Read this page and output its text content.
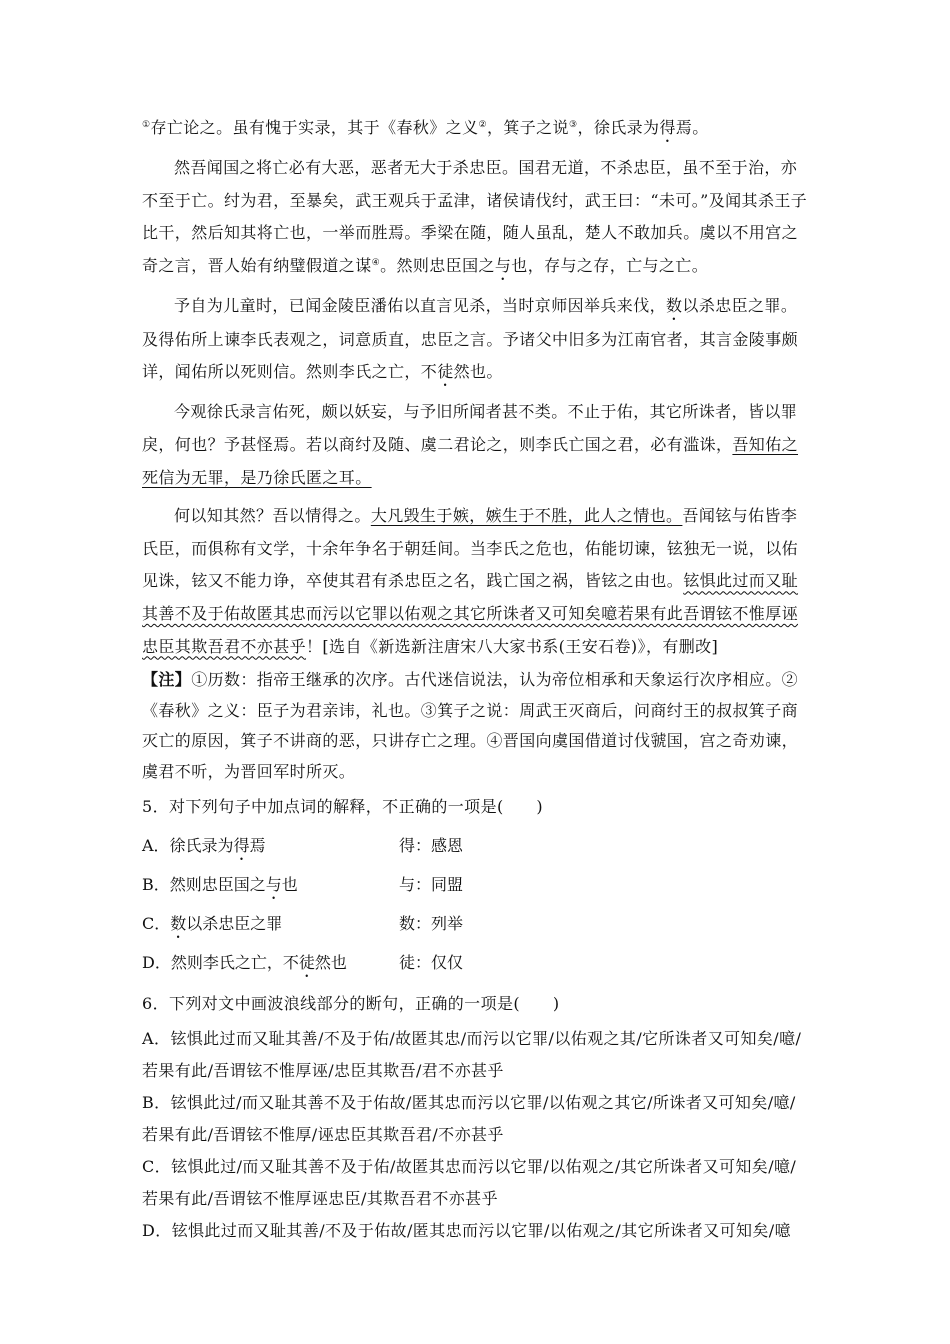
①存亡论之。虽有愧于实录，其于《春秋》之义②，箕子之说③，徐氏录为得焉。

然吾闻国之将亡必有大恶，恶者无大于杀忠臣。国君无道，不杀忠臣，虽不至于治，亦不至于亡。纣为君，至暴矣，武王观兵于孟津，诸侯请伐纣，武王曰：“未可。”及闻其杀王子比干，然后知其将亡也，一举而胜焉。季梁在随，随人虽乱，楚人不敢加兵。虞以不用宫之奇之言，晋人始有纳璧假道之谋④。然则忠臣国之与也，存与之存，亡与之亡。

予自为儿童时，已闻金陵臣潘佑以直言见杀，当时京师因举兵来伐，数以杀忠臣之罪。及得佑所上谏李氏表观之，词意质直，忠臣之言。予诸父中旧多为江南官者，其言金陵事颇详，闻佑所以死则信。然则李氏之亡，不徒然也。

今观徐氏录言佑死，颇以妖妄，与予旧所闻者甚不类。不止于佑，其它所诛者，皆以罪戾，何也？予甚怪焉。若以商纣及随、虞二君论之，则李氏亡国之君，必有滥诛，吾知佑之死信为无罪，是乃徐氏匿之耳。

何以知其然？吾以情得之。大凡毁生于嫉，嫉生于不胜，此人之情也。吾闻铉与佑皆李氏臣，而俱称有文学，十余年争名于朝廷间。当李氏之危也，佑能切谏，铉独无一说，以佑见诛，铉又不能力诤，卒使其君有杀忠臣之名，践亡国之祸，皆铉之由也。铉惧此过而又耻其善不及于佑故匿其忠而污以它罪以佑观之其它所诛者又可知矣噫若果有此吾谓铉不惟厚诬忠臣其欺吾君不亦甚乎！[选自《新选新注唐宋八大家书系(王安石卷)》，有删改]

【注】①历数：指帝王继承的次序。古代迷信说法，认为帝位相承和天象运行次序相应。②《春秋》之义：臣子为君亲讳，礼也。③箕子之说：周武王灭商后，问商纣王的叔叔箕子商灭亡的原因，箕子不讲商的恶，只讲存亡之理。④晋国向虞国借道讨伐虢国，宫之奇劝谏，虞君不听，为晋回军时所灭。

5．对下列句子中加点词的解释，不正确的一项是(　　)

A．徐氏录为得焉	得：感恩
B．然则忠臣国之与也	与：同盟
C．数以杀忠臣之罪	数：列举
D．然则李氏之亡，不徒然也	徒：仅仅

6．下列对文中画波浪线部分的断句，正确的一项是(　　)

A．铉惧此过而又耻其善/不及于佑/故匿其忠/而污以它罪/以佑观之其/它所诛者又可知矣/噫/若果有此/吾谓铉不惟厚诬/忠臣其欺吾/君不亦甚乎

B．铉惧此过/而又耻其善不及于佑故/匿其忠而污以它罪/以佑观之其它/所诛者又可知矣/噫/若果有此/吾谓铉不惟厚/诬忠臣其欺吾君/不亦甚乎

C．铉惧此过/而又耻其善不及于佑/故匿其忠而污以它罪/以佑观之/其它所诛者又可知矣/噫/若果有此/吾谓铉不惟厚诬忠臣/其欺吾君不亦甚乎

D．铉惧此过而又耻其善/不及于佑故/匿其忠而污以它罪/以佑观之/其它所诛者又可知矣/噫
